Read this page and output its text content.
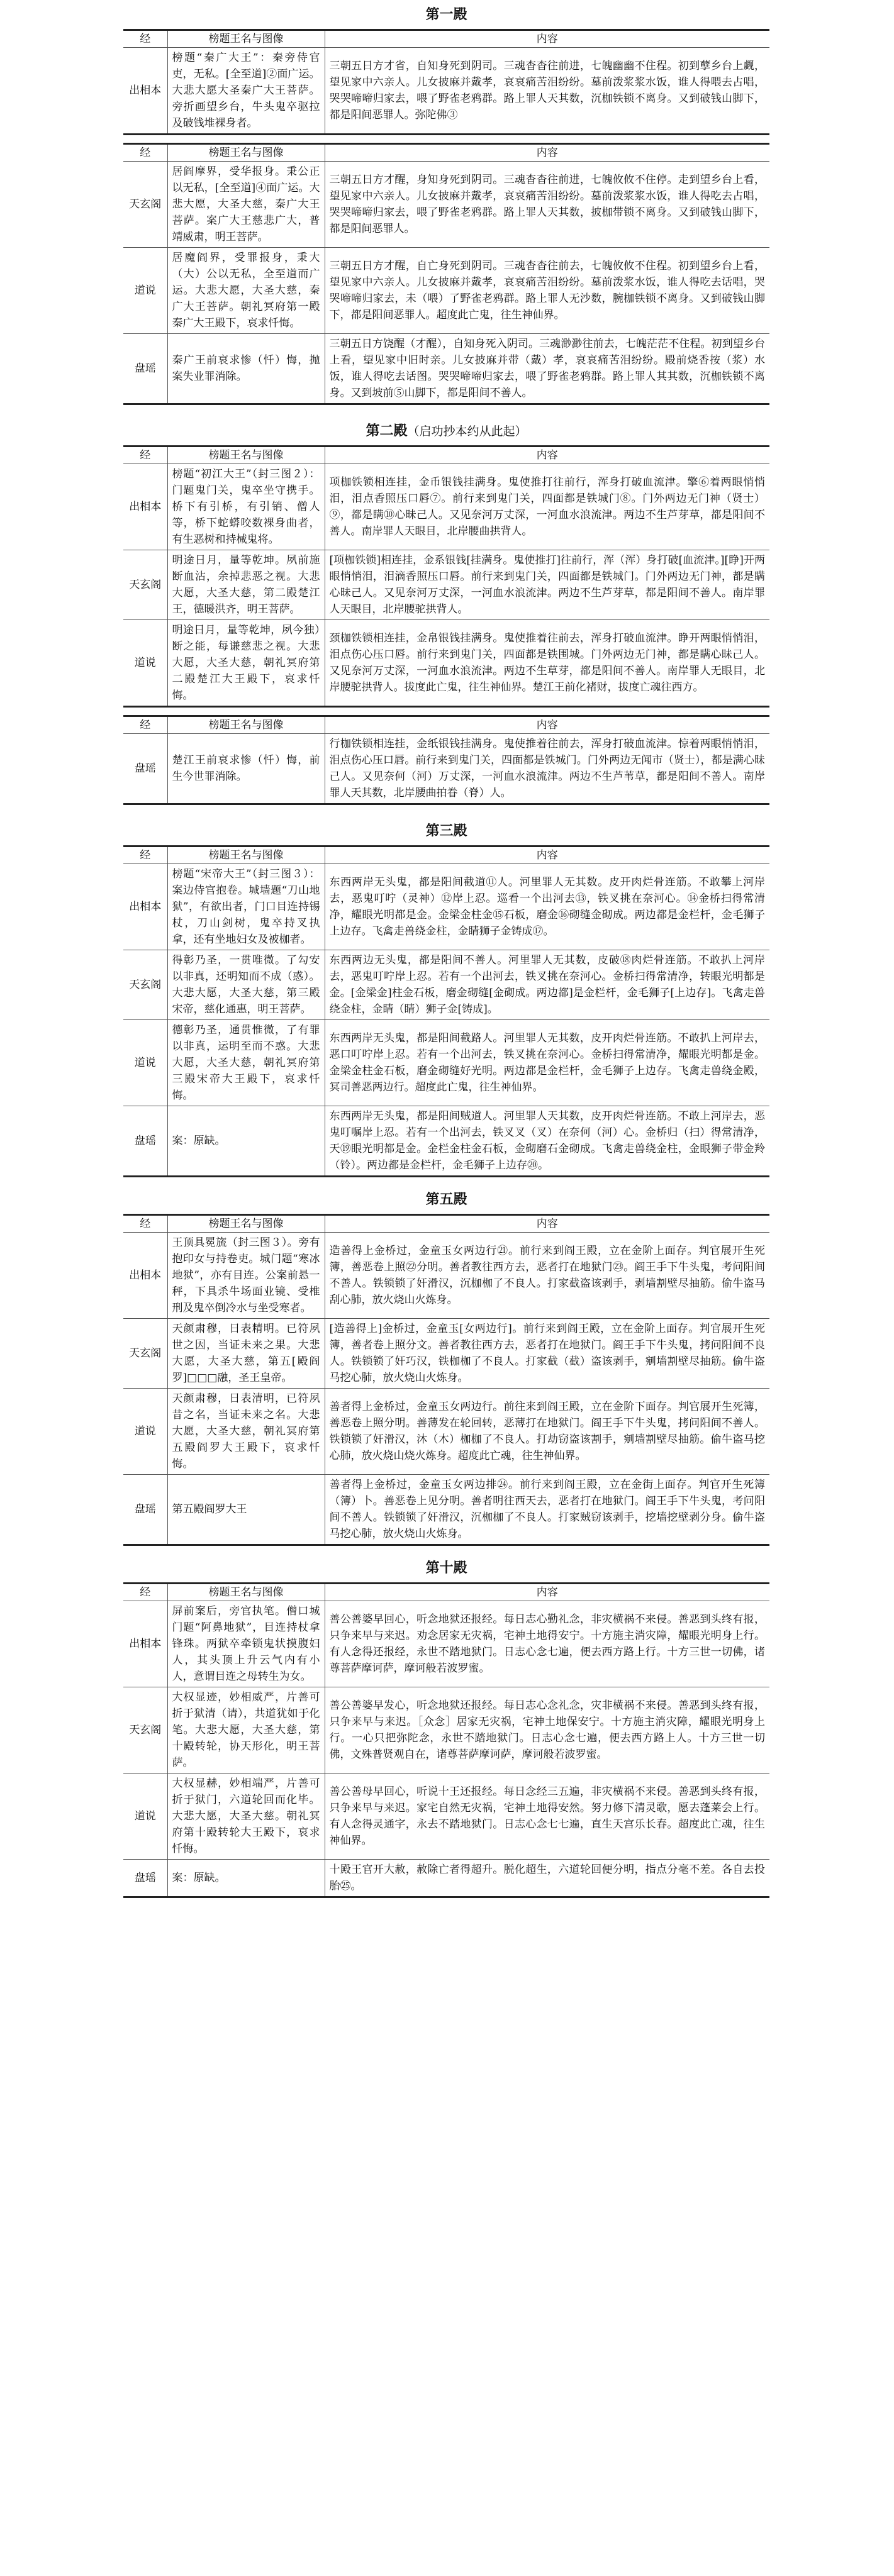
第一殿
经	榜题王名与图像	内容
出相本	榜题“秦广大王”：秦旁侍官吏，无私。[全至道]②面广运。大悲大愿大圣秦广大王菩萨。旁折画望乡台，牛头鬼卒驱拉及破钱堆裸身者。	三朝五日方才省，自知身死到阴司。三魂杳杳往前进，七魄幽幽不住程。初到孽乡台上觑，望见家中六亲人。儿女披麻并戴孝，哀哀痛苦泪纷纷。墓前泼浆浆水饭，谁人得喂去占唱，哭哭啼啼归家去，喂了野雀老鸦群。路上罪人天其数，沉枷铁锁不离身。又到破钱山脚下，都是阳间恶罪人。弥陀佛③
经	榜题王名与图像	内容
天玄阁	居阎摩界，受华报身。秉公正以无私，[全至道]④面广运。大悲大愿，大圣大慈，秦广大王菩萨。案广大王慈悲广大，普靖威肃，明王菩萨。	三朝五日方才醒，身知身死到阴司。三魂杳杳往前进，七魄攸攸不住停。走到望乡台上看，望见家中六亲人。儿女披麻并戴孝，哀哀痛苦泪纷纷。墓前泼浆浆水饭，谁人得吃去占唱，哭哭啼啼归家去，喂了野雀老鸦群。路上罪人天其数，披枷带锁不离身。又到破钱山脚下，都是阳间恶罪人。
道说	居魔阎界，受罪报身，秉大（大）公以无私，全至道而广运。大悲大愿，大圣大慈，秦广大王菩萨。朝礼冥府第一殿秦广大王殿下，哀求忏悔。	三朝五日方才醒，自亡身死到阴司。三魂杳杳往前去，七魄攸攸不住程。初到望乡台上看，望见家中六亲人。儿女披麻并戴孝，哀哀痛苦泪纷纷。墓前泼浆水饭，谁人得吃去话唱，哭哭啼啼归家去，未（喂）了野雀老鸦群。路上罪人无沙数，腕枷铁锁不离身。又到破钱山脚下，都是阳间恶罪人。超度此亡鬼，往生神仙界。
盘瑶	秦广王前哀求惨（忏）悔，抛案失业罪消除。	三朝五日方饶醒（才醒），自知身死入阴司。三魂渺渺往前去，七魄茫茫不住程。初到望乡台上看，望见家中旧时亲。儿女披麻并带（戴）孝，哀哀痛苦泪纷纷。殿前烧香按（浆）水饭，谁人得吃去话图。哭哭啼啼归家去，喂了野雀老鸦群。路上罪人其其数，沉枷铁锁不离身。又到坡前⑤山脚下，都是阳间不善人。
第二殿（启功抄本约从此起）
经	榜题王名与图像	内容
出相本	榜题“初江大王”（封三图２）：门题鬼门关，鬼卒坐守携手。桥下有引桥，有引销、僧人等，桥下蛇蟒咬数裸身曲者，有生恶树和持械鬼将。	项枷铁锁相连挂，金币银钱挂满身。鬼使推打往前行，浑身打破血流津。擎⑥着两眼悄悄泪，泪点香照压口唇⑦。前行来到鬼门关，四面都是铁城门⑧。门外两边无门神（贤士）⑨，都是瞒⑩心昧己人。又见奈河万丈深，一河血水浪流津。两边不生芦芽草，都是阳间不善人。南岸罪人天眼目，北岸腰曲拱背人。
天玄阁	明途日月，量等乾坤。夙前施断血沾，余掉悲恶之视。大悲大愿，大圣大慈，第二殿楚江王，德暖洪齐，明王菩萨。	[项枷铁锁]相连挂，金系银钱[挂满身。鬼使推打]往前行，浑（浑）身打破[血流津。][睁]开两眼悄悄泪，泪滴香照压口唇。前行来到鬼门关，四面都是铁城门。门外两边无门神，都是瞒心昧己人。又见奈河万丈深，一河血水浪流津。两边不生芦芽草，都是阳间不善人。南岸罪人天眼目，北岸腰驼拱背人。
道说	明途日月，量等乾坤，夙今独）断之能，每谦慈悲之视。大悲大愿，大圣大慈，朝礼冥府第二殿楚江大王殿下，哀求忏悔。	颈枷铁锁相连挂，金帛银钱挂满身。鬼使推着往前去，浑身打破血流津。睁开两眼悄悄泪，泪点伤心压口唇。前行来到鬼门关，四面都是铁围城。门外两边无门神，都是瞒心昧己人。又见奈河万丈深，一河血水浪流津。两边不生草芽，都是阳间不善人。南岸罪人无眼目，北岸腰驼拱背人。拔度此亡鬼，往生神仙界。楚江王前化褚财，拔度亡魂往西方。
经	榜题王名与图像	内容
盘瑶	楚江王前哀求惨（忏）悔，前生今世罪消除。	行枷铁锁相连挂，金纸银钱挂满身。鬼使推着往前去，浑身打破血流津。惊着两眼悄悄泪，泪点伤心压口唇。前行来到鬼门关，四面都是铁城门。门外两边无闻市（贤士），都是满心昧己人。又见奈何（河）万丈深，一河血水浪流津。两边不生芦苇草，都是阳间不善人。南岸罪人天其数，北岸腰曲拍眷（脊）人。
第三殿
经	榜题王名与图像	内容
出相本	榜题“宋帝大王”（封三图３）：案边侍官抱卷。城墙题“刀山地狱”，有欲出者，门口目连持锡杖，刀山剑树，鬼卒持叉执拿，还有坐地妇女及被枷者。	东西两岸无头鬼，都是阳间截道⑪人。河里罪人无其数。皮开肉烂骨连筋。不敢攀上河岸去，恶鬼叮咛（灵神）⑫岸上忍。巡看一个出河去⑬，铁叉挑在奈河心。⑭金桥扫得常清净，耀眼光明都是金。金梁金柱金⑮石板，磨金⑯砌缝金砌成。两边都是金栏杆，金毛狮子上边存。飞禽走兽绕金柱，金睛狮子金铸成⑰。
天玄阁	得彰乃圣，一贯唯微。了勾安以非真，还明知而不成（惑）。大悲大愿，大圣大慈，第三殿宋帝，慈化通惠，明王菩萨。	东西两边无头鬼，都是阳间不善人。河里罪人无其数，皮破⑱肉烂骨连筋。不敢扒上河岸去，恶鬼叮咛岸上忍。若有一个出河去，铁叉挑在奈河心。金桥扫得常清净，转眼光明都是金。[金梁金]柱金石板，磨金砌缝[金砌成。两边都]是金栏杆，金毛狮子[上边存]。飞禽走兽绕金柱，金睛（睛）狮子金[铸成]。
道说	德彰乃圣，通贯惟微，了有罪以非真，运明至而不惑。大悲大愿，大圣大慈，朝礼冥府第三殿宋帝大王殿下，哀求忏悔。	东西两岸无头鬼，都是阳间截路人。河里罪人无其数，皮开肉烂骨连筋。不敢扒上河岸去，恶口叮咛岸上忍。若有一个出河去，铁叉挑在奈河心。金桥扫得常清净，耀眼光明都是金。金梁金柱金石板，磨金砌缝好光明。两边都是金栏杆，金毛狮子上边存。飞禽走兽绕金殿，冥司善恶两边行。超度此亡鬼，往生神仙界。
盘瑶	案：原缺。	东西两岸无头鬼，都是阳间贼道人。河里罪人天其数，皮开肉烂骨连筋。不敢上河岸去，恶鬼叮嘱岸上忍。若有一个出河去，铁叉叉（叉）在奈何（河）心。金桥归（扫）得常清净，天⑲眼光明都是金。金栏金柱金石板，金砌磨石金砌成。飞禽走兽绕金柱，金眼狮子带金羚（铃）。两边都是金栏杆，金毛狮子上边存⑳。
第五殿
经	榜题王名与图像	内容
出相本	王顶具冕旒（封三图３）。旁有抱印女与持卷吏。城门题“寒冰地狱”，亦有目连。公案前悬一秤，下具杀牛场面业镜、受椎刑及鬼卒倒冷水与坐受寒者。	造善得上金桥过，金童玉女两边行㉑。前行来到阎王殿，立在金阶上面存。判官展开生死簿，善恶卷上照㉒分明。善者教往西方去，恶者打在地狱门㉓。阎王手下牛头鬼，考问阳间不善人。铁锁锁了奸滑汉，沉枷枷了不良人。打家截盗该剥手，剥墙割壁尽抽筋。偷牛盗马刮心肺，放火烧山火炼身。
天玄阁	天颜肃穆，日表精明。已符夙世之因，当证未来之果。大悲大愿，大圣大慈，第五[殿阎罗]□□□融，圣王皇帝。	[造善得上]金桥过，金童玉[女两边行]。前行来到阎王殿，立在金阶上面存。判官展开生死簿，善者卷上照分文。善者教往西方去，恶者打在地狱门。阎王手下牛头鬼，拷问阳间不良人。铁锁锁了奸巧汉，铁枷枷了不良人。打家截（截）盗该剥手，剜墙割壁尽抽筋。偷牛盗马挖心肺，放火烧山火炼身。
道说	天颜肃穆，日表清明，已符夙昔之名，当证未来之名。大悲大愿，大圣大慈，朝礼冥府第五殿阎罗大王殿下，哀求忏悔。	善者得上金桥过，金童玉女两边行。前往来到阎王殿，立在金阶下面存。判官展开生死簿，善恶卷上照分明。善薄发在轮回转，恶薄打在地狱门。阎王手下牛头鬼，拷问阳间不善人。铁锁锁了奸滑汉，沐（木）枷枷了不良人。打劫窃盗该割手，剜墙割壁尽抽筋。偷牛盗马挖心肺，放火烧山烧火炼身。超度此亡魂，往生神仙界。
盘瑶	第五殿阎罗大王	善者得上金桥过，金童玉女两边排㉔。前行来到阎王殿，立在金街上面存。判官开生死簿（簿）卜。善恶卷上见分明。善者明往西天去，恶者打在地狱门。阎王手下牛头鬼，考问阳间不善人。铁锁锁了奸滑汉，沉枷枷了不良人。打家贼窃该剥手，挖墙挖壁剥分身。偷牛盗马挖心肺，放火烧山火炼身。
第十殿
经	榜题王名与图像	内容
出相本	屏前案后，旁官执笔。僧口城门题“阿鼻地狱”，目连持杖拿锋珠。两狱卒牵锁鬼状摸腹妇人，其头顶上升云气内有小人，意谓目连之母转生为女。	善公善婆早回心，听念地狱还报经。每日志心勤礼念，非灾横祸不来侵。善恶到头终有报，只争来早与来迟。劝念居家无灾祸，宅神土地得安宁。十方施主消灾障，耀眼光明身上行。有人念得还报经，永世不踏地狱门。日志心念七遍，便去西方路上行。十方三世一切佛，诸尊菩萨摩诃萨，摩诃般若波罗蜜。
天玄阁	大权显迹，妙相威严，片善可折于狱清（请），共道犹如于化笔。大悲大愿，大圣大慈，第十殿转轮，协天形化，明王菩萨。	善公善婆早发心，听念地狱还报经。每日志心念礼念，灾非横祸不来侵。善恶到头终有报，只争来早与来迟。［众念］居家无灾祸，宅神土地保安宁。十方施主消灾障，耀眼光明身上行。一心只把弥陀念，永世不踏地狱门。日志心念七遍，便去西方路上人。十方三世一切佛，文殊普贤观自在，诸尊菩萨摩诃萨，摩诃般若波罗蜜。
道说	大权显赫，妙相端严，片善可折于狱门，六道轮回而化毕。大悲大愿，大圣大慈。朝礼冥府第十殿转轮大王殿下，哀求忏悔。	善公善母早回心，听说十王还报经。每日念经三五遍，非灾横祸不来侵。善恶到头终有报，只争来早与来迟。家宅自然无灾祸，宅神土地得安然。努力修下清灵歌，愿去蓬莱会上行。有人念得灵通字，永去不踏地狱门。日志心念七七遍，直生天宫乐长春。超度此亡魂，往生神仙界。
盘瑶	案：原缺。	十殿王官开大赦，赦除亡者得超升。脱化超生，六道轮回便分明，指点分毫不差。各自去投胎㉕。
